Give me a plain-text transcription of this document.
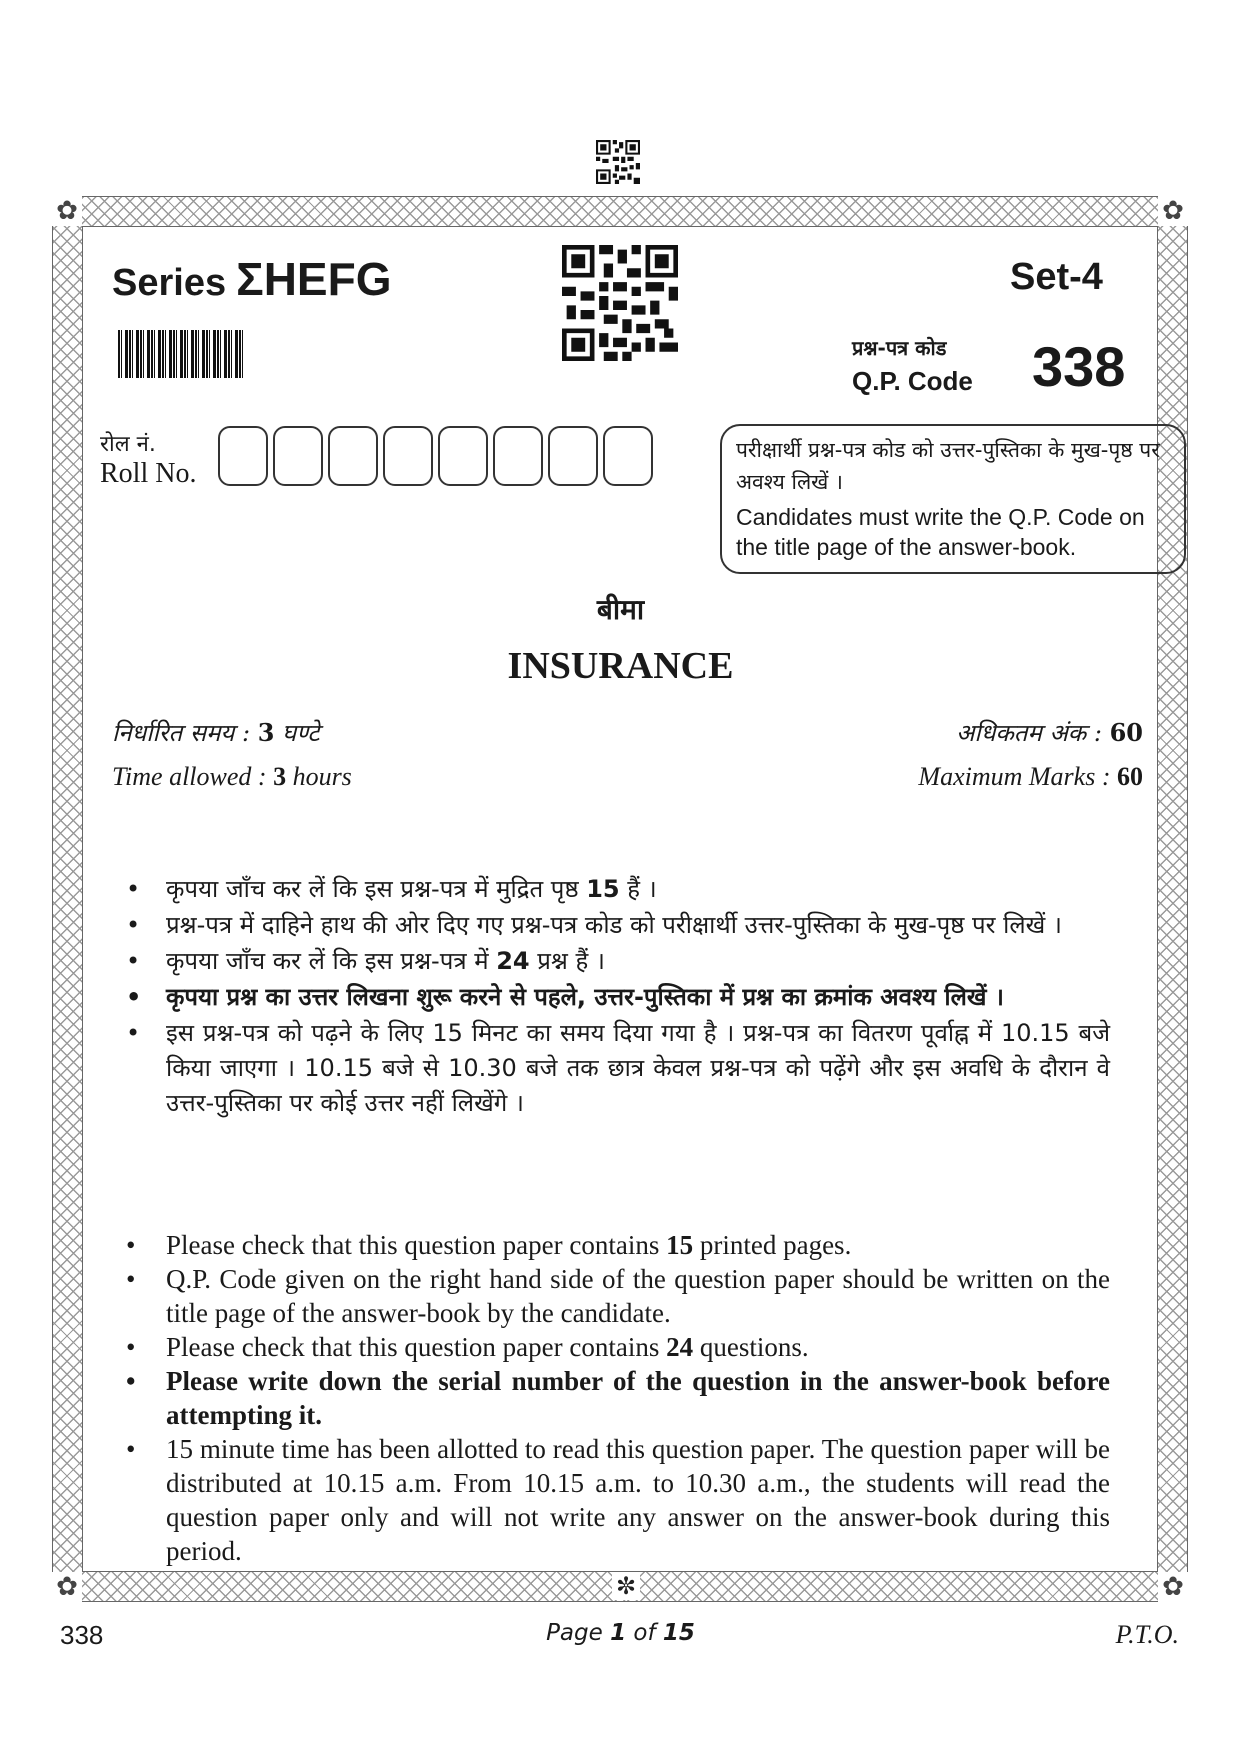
✿	✿
✿	✿
✼
Series ΣHEFG	Set-4
प्रश्न-पत्र कोड
Q.P. Code 338
रोल नं.
Roll No.
परीक्षार्थी प्रश्न-पत्र कोड को उत्तर-पुस्तिका के मुख-पृष्ठ पर अवश्य लिखें ।
Candidates must write the Q.P. Code on the title page of the answer-book.
बीमा
INSURANCE
निर्धारित समय : 3 घण्टे
Time allowed : 3 hours
अधिकतम अंक : 60
Maximum Marks : 60
• कृपया जाँच कर लें कि इस प्रश्न-पत्र में मुद्रित पृष्ठ 15 हैं ।
• प्रश्न-पत्र में दाहिने हाथ की ओर दिए गए प्रश्न-पत्र कोड को परीक्षार्थी उत्तर-पुस्तिका के मुख-पृष्ठ पर लिखें ।
• कृपया जाँच कर लें कि इस प्रश्न-पत्र में 24 प्रश्न हैं ।
• कृपया प्रश्न का उत्तर लिखना शुरू करने से पहले, उत्तर-पुस्तिका में प्रश्न का क्रमांक अवश्य लिखें ।
• इस प्रश्न-पत्र को पढ़ने के लिए 15 मिनट का समय दिया गया है । प्रश्न-पत्र का वितरण पूर्वाह्न में 10.15 बजे किया जाएगा । 10.15 बजे से 10.30 बजे तक छात्र केवल प्रश्न-पत्र को पढ़ेंगे और इस अवधि के दौरान वे उत्तर-पुस्तिका पर कोई उत्तर नहीं लिखेंगे ।
• Please check that this question paper contains 15 printed pages.
• Q.P. Code given on the right hand side of the question paper should be written on the title page of the answer-book by the candidate.
• Please check that this question paper contains 24 questions.
• Please write down the serial number of the question in the answer-book before attempting it.
• 15 minute time has been allotted to read this question paper. The question paper will be distributed at 10.15 a.m. From 10.15 a.m. to 10.30 a.m., the students will read the question paper only and will not write any answer on the answer-book during this period.
338	Page 1 of 15	P.T.O.
